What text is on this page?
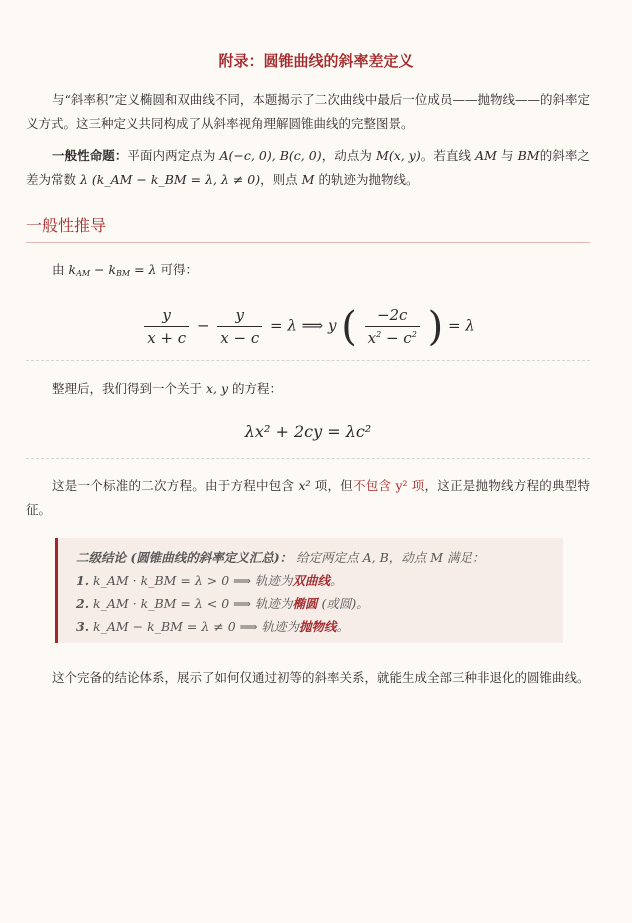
附录：圆锥曲线的斜率差定义
与“斜率积”定义椭圆和双曲线不同，本题揭示了二次曲线中最后一位成员——抛物线——的斜率定义方式。这三种定义共同构成了从斜率视角理解圆锥曲线的完整图景。
一般性命题：平面内两定点为 A(−c, 0), B(c, 0)，动点为 M(x, y)。若直线 AM 与 BM的斜率之差为常数 λ (k_AM − k_BM = λ, λ ≠ 0)，则点 M 的轨迹为抛物线。
一般性推导
由 $k_{AM} - k_{BM} = \lambda$ 可得：
$\frac{y}{x + c} - \frac{y}{x - c} = \lambda$ ⟹ y ( $\frac{-2c}{x^2 - c^2}$ ) = λ
整理后，我们得到一个关于 x, y 的方程：
λx² + 2cy = λc²
这是一个标准的二次方程。由于方程中包含 x² 项，但不包含 y² 项，这正是抛物线方程的典型特征。
二级结论 (圆锥曲线的斜率定义汇总)： 给定两定点 A, B，动点 M 满足：
1. k_AM · k_BM = λ > 0 ⟹ 轨迹为双曲线。
2. k_AM · k_BM = λ < 0 ⟹ 轨迹为椭圆 (或圆)。
3. k_AM − k_BM = λ ≠ 0 ⟹ 轨迹为抛物线。
这个完备的结论体系，展示了如何仅通过初等的斜率关系，就能生成全部三种非退化的圆锥曲线。
